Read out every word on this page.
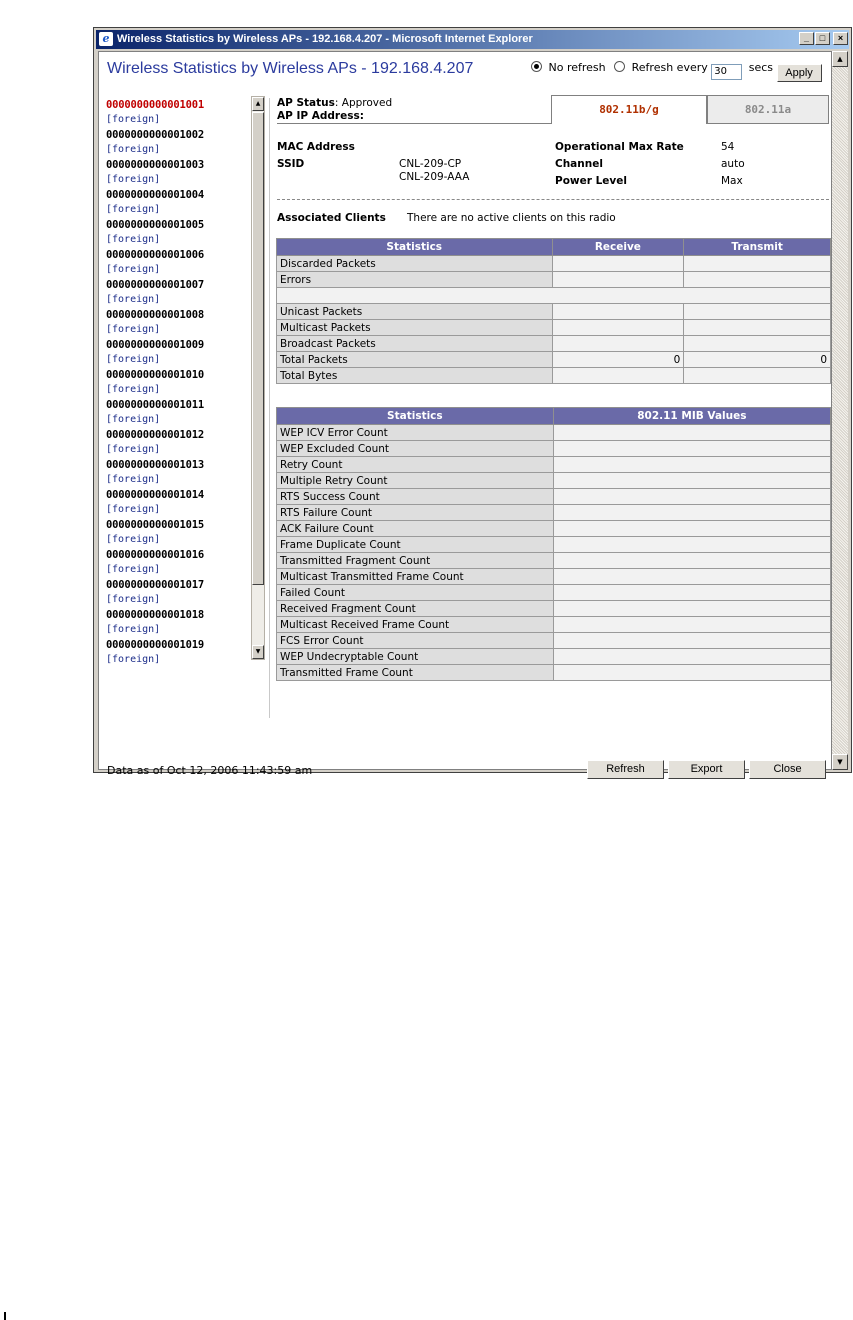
e Wireless Statistics by Wireless APs - 192.168.4.207 - Microsoft Internet Explorer	_	□	×
Wireless Statistics by Wireless APs - 192.168.4.207	No refresh Refresh every 30 secs Apply
0000000000001001
[foreign]
0000000000001002
[foreign]
0000000000001003
[foreign]
0000000000001004
[foreign]
0000000000001005
[foreign]
0000000000001006
[foreign]
0000000000001007
[foreign]
0000000000001008
[foreign]
0000000000001009
[foreign]
0000000000001010
[foreign]
0000000000001011
[foreign]
0000000000001012
[foreign]
0000000000001013
[foreign]
0000000000001014
[foreign]
0000000000001015
[foreign]
0000000000001016
[foreign]
0000000000001017
[foreign]
0000000000001018
[foreign]
0000000000001019
[foreign]
▲
▼
AP Status: Approved
AP IP Address:	802.11b/g	802.11a
MAC Address
SSID	CNL-209-CP
CNL-209-AAA
Operational Max Rate	54
Channel	auto
Power Level	Max
Associated Clients There are no active clients on this radio
Statistics	Receive	Transmit
Discarded Packets		
Errors		

Unicast Packets		
Multicast Packets		
Broadcast Packets		
Total Packets	0	0
Total Bytes		
Statistics	802.11 MIB Values
WEP ICV Error Count	
WEP Excluded Count	
Retry Count	
Multiple Retry Count	
RTS Success Count	
RTS Failure Count	
ACK Failure Count	
Frame Duplicate Count	
Transmitted Fragment Count	
Multicast Transmitted Frame Count	
Failed Count	
Received Fragment Count	
Multicast Received Frame Count	
FCS Error Count	
WEP Undecryptable Count	
Transmitted Frame Count	
Data as of Oct 12, 2006 11:43:59 am	Refresh	Export	Close
▲
▼
